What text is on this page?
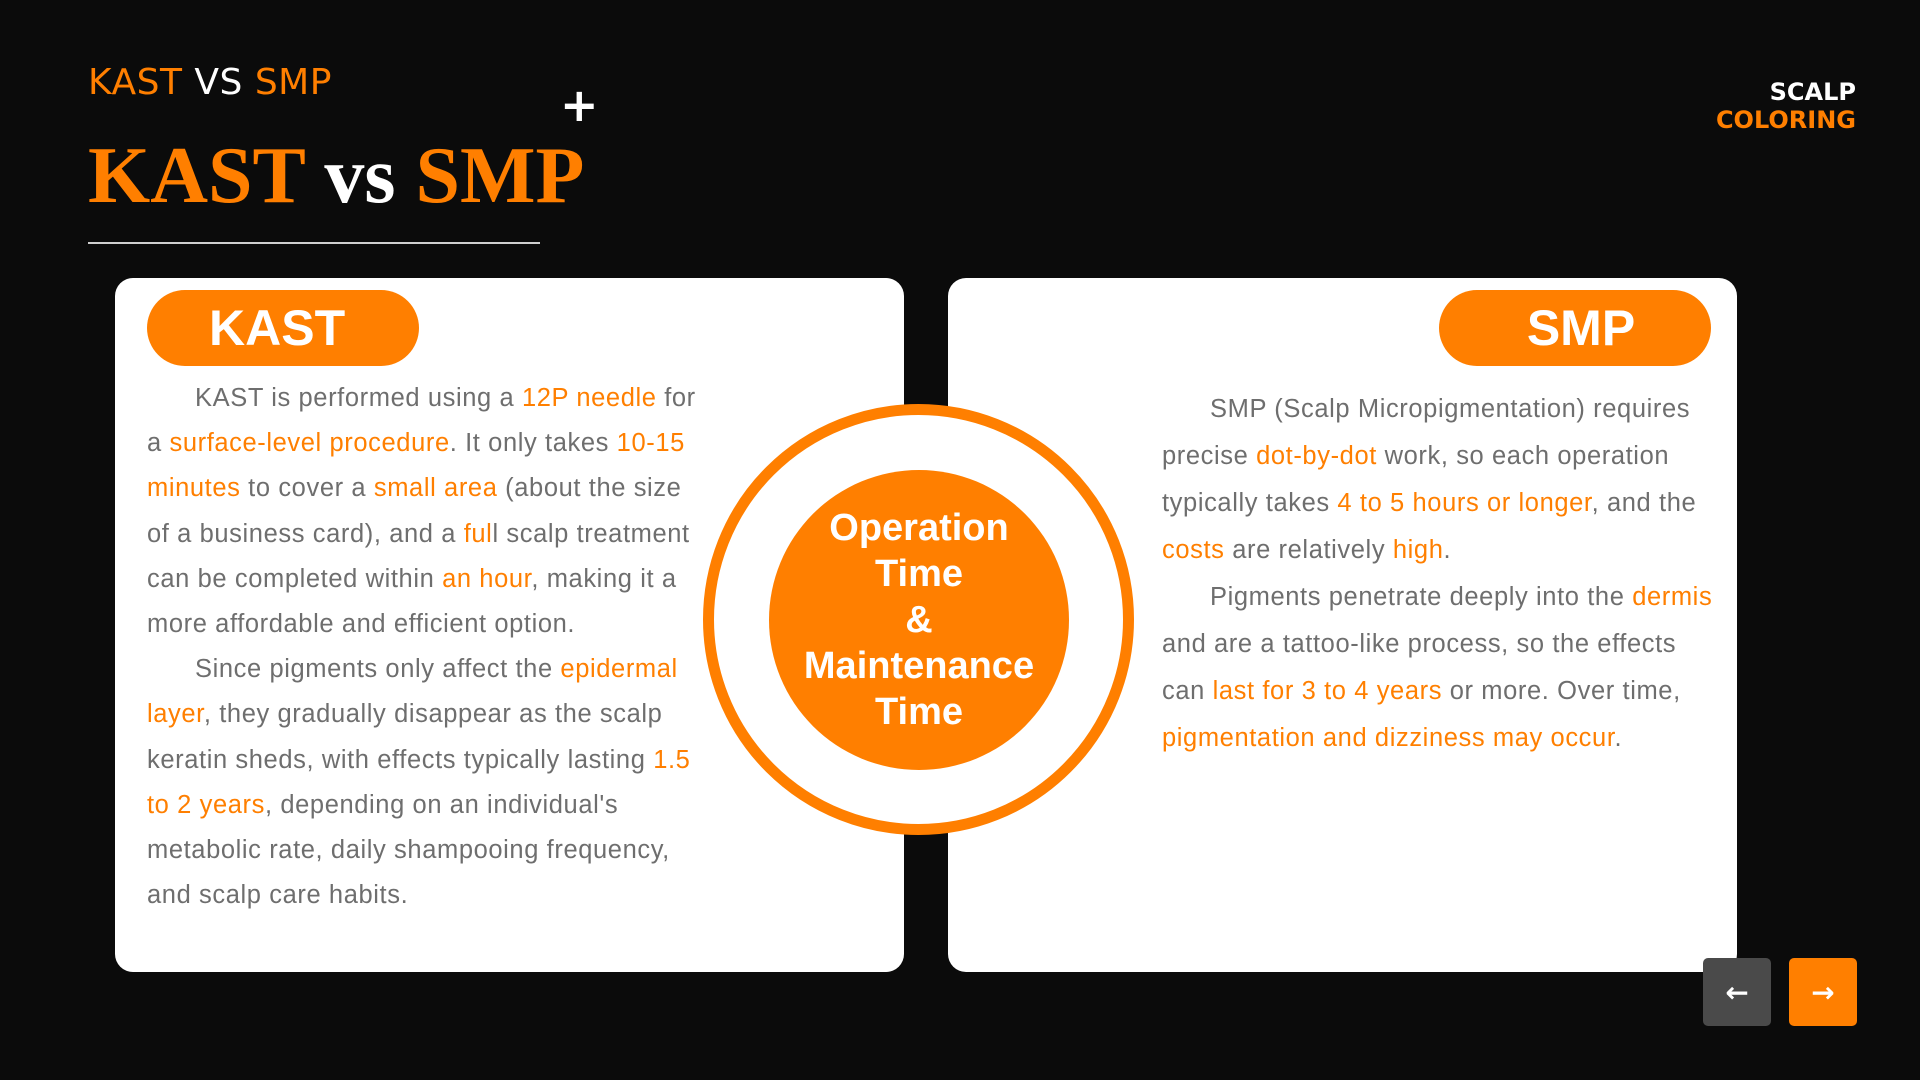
KAST VS SMP	+
KAST vs SMP
SCALP
COLORING
KAST

KAST is performed using a 12P needle for a surface-level procedure. It only takes 10-15 minutes to cover a small area (about the size of a business card), and a full scalp treatment can be completed within an hour, making it a more affordable and efficient option.

Since pigments only affect the epidermal layer, they gradually disappear as the scalp keratin sheds, with effects typically lasting 1.5 to 2 years, depending on an individual's metabolic rate, daily shampooing frequency, and scalp care habits.

SMP

SMP (Scalp Micropigmentation) requires precise dot-by-dot work, so each operation typically takes 4 to 5 hours or longer, and the costs are relatively high.

Pigments penetrate deeply into the dermis and are a tattoo-like process, so the effects can last for 3 to 4 years or more. Over time, pigmentation and dizziness may occur.

Operation
Time
&
Maintenance
Time
← →
